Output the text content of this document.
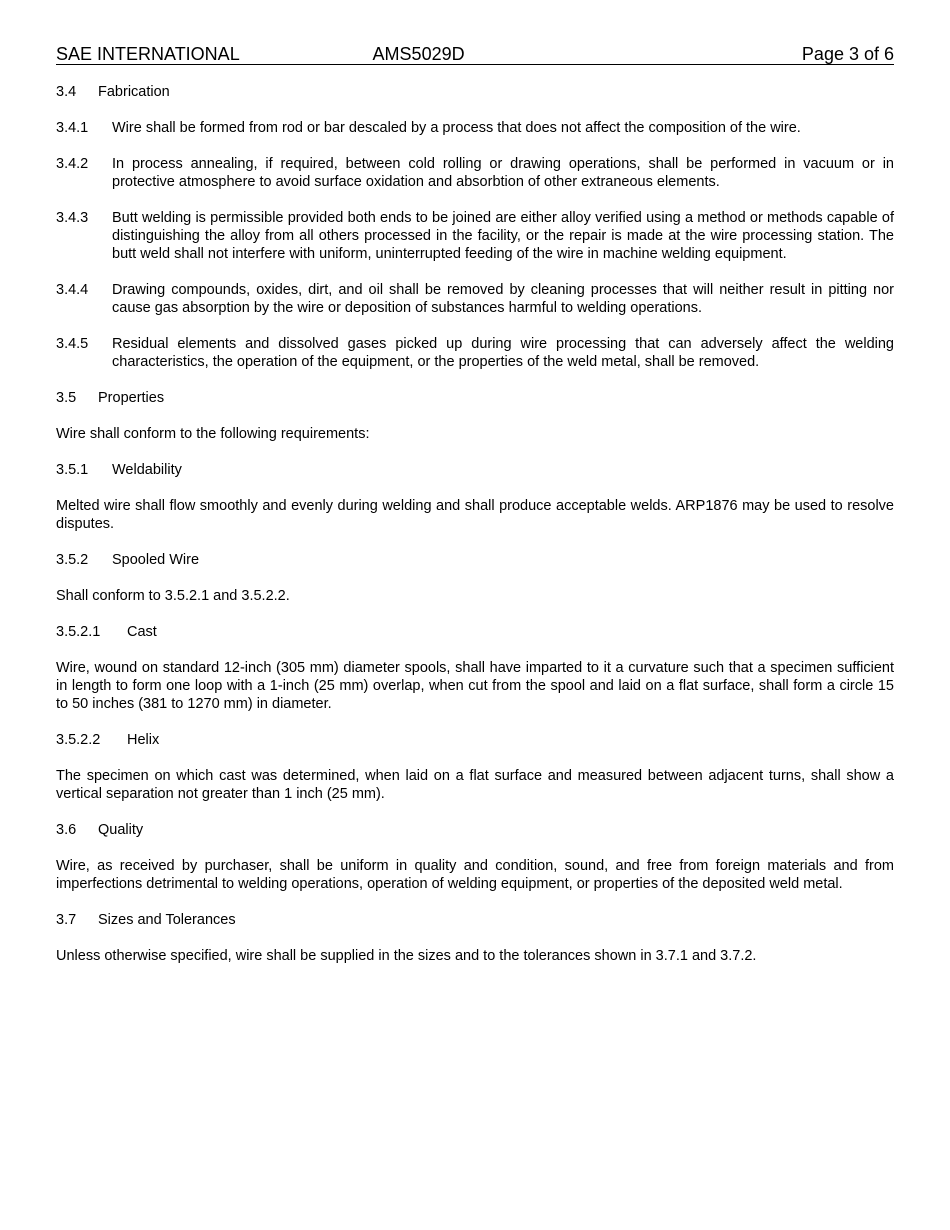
SAE INTERNATIONAL	AMS5029D	Page 3 of 6
3.4	Fabrication
3.4.1	Wire shall be formed from rod or bar descaled by a process that does not affect the composition of the wire.
3.4.2	In process annealing, if required, between cold rolling or drawing operations, shall be performed in vacuum or in protective atmosphere to avoid surface oxidation and absorbtion of other extraneous elements.
3.4.3	Butt welding is permissible provided both ends to be joined are either alloy verified using a method or methods capable of distinguishing the alloy from all others processed in the facility, or the repair is made at the wire processing station. The butt weld shall not interfere with uniform, uninterrupted feeding of the wire in machine welding equipment.
3.4.4	Drawing compounds, oxides, dirt, and oil shall be removed by cleaning processes that will neither result in pitting nor cause gas absorption by the wire or deposition of substances harmful to welding operations.
3.4.5	Residual elements and dissolved gases picked up during wire processing that can adversely affect the welding characteristics, the operation of the equipment, or the properties of the weld metal, shall be removed.
3.5	Properties
Wire shall conform to the following requirements:
3.5.1	Weldability
Melted wire shall flow smoothly and evenly during welding and shall produce acceptable welds. ARP1876 may be used to resolve disputes.
3.5.2	Spooled Wire
Shall conform to 3.5.2.1 and 3.5.2.2.
3.5.2.1	Cast
Wire, wound on standard 12-inch (305 mm) diameter spools, shall have imparted to it a curvature such that a specimen sufficient in length to form one loop with a 1-inch (25 mm) overlap, when cut from the spool and laid on a flat surface, shall form a circle 15 to 50 inches (381 to 1270 mm) in diameter.
3.5.2.2	Helix
The specimen on which cast was determined, when laid on a flat surface and measured between adjacent turns, shall show a vertical separation not greater than 1 inch (25 mm).
3.6	Quality
Wire, as received by purchaser, shall be uniform in quality and condition, sound, and free from foreign materials and from imperfections detrimental to welding operations, operation of welding equipment, or properties of the deposited weld metal.
3.7	Sizes and Tolerances
Unless otherwise specified, wire shall be supplied in the sizes and to the tolerances shown in 3.7.1 and 3.7.2.
